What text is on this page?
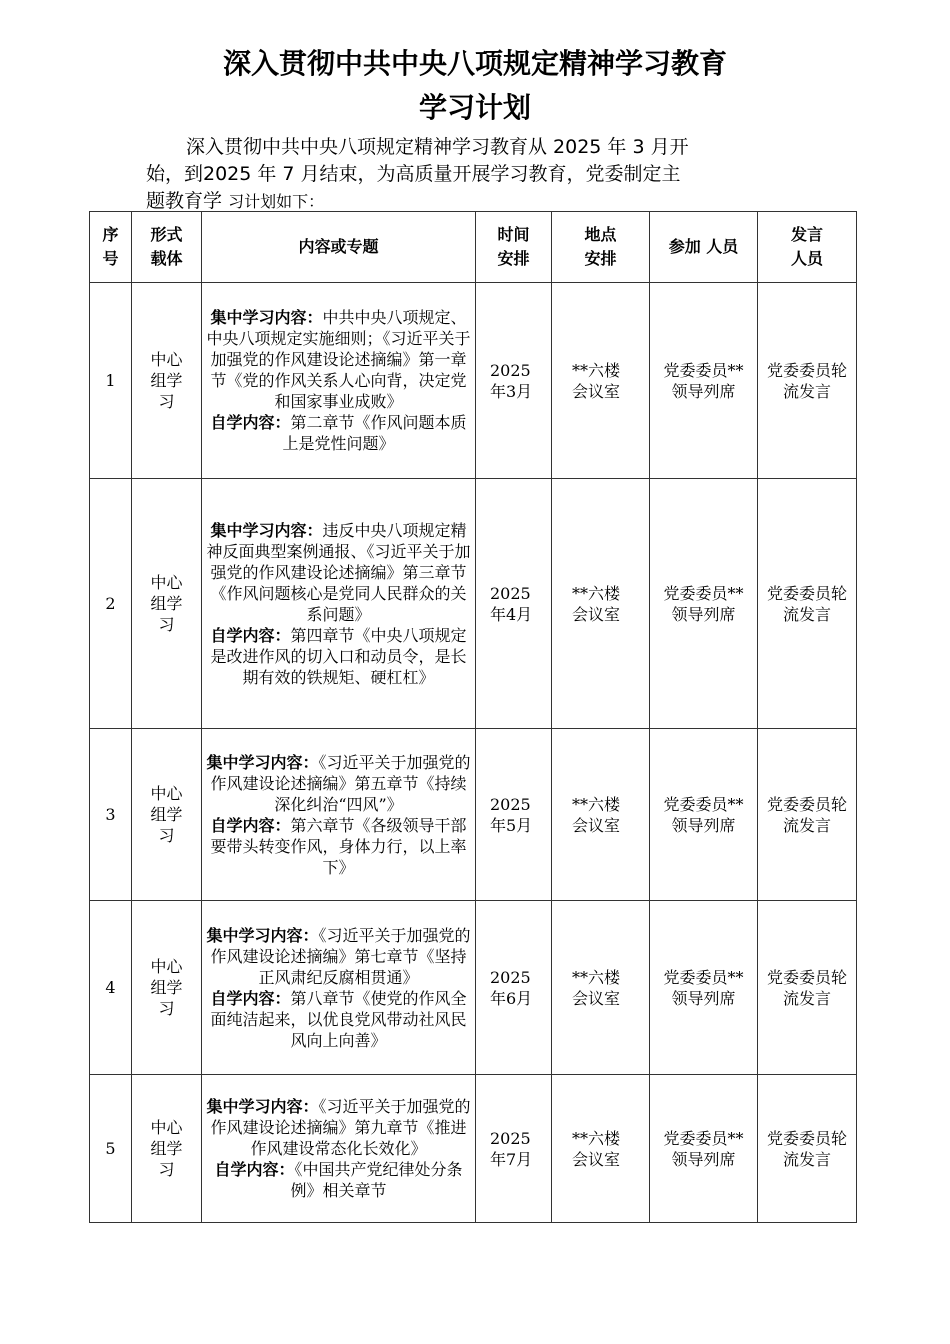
深入贯彻中共中央八项规定精神学习教育
学习计划
深入贯彻中共中央八项规定精神学习教育从 2025 年 3 月开
始，到2025 年 7 月结束，为高质量开展学习教育，党委制定主
题教育学 习计划如下：
序号	形式载体	内容或专题	时间安排	地点安排	参加 人员	发言人员

1	中心组学习	集中学习内容：中共中央八项规定、中央八项规定实施细则；《习近平关于加强党的作风建设论述摘编》第一章节《党的作风关系人心向背，决定党和国家事业成败》
自学内容：第二章节《作风问题本质上是党性问题》	2025年3月	**六楼 会议室	党委委员**领导列席	党委委员轮流发言

2	中心组学习	集中学习内容：违反中央八项规定精神反面典型案例通报、《习近平关于加强党的作风建设论述摘编》第三章节《作风问题核心是党同人民群众的关系问题》
自学内容：第四章节《中央八项规定是改进作风的切入口和动员令，是长期有效的铁规矩、硬杠杠》	2025年4月	**六楼 会议室	党委委员**领导列席	党委委员轮流发言

3	中心组学习	集中学习内容：《习近平关于加强党的作风建设论述摘编》第五章节《持续深化纠治“四风”》
自学内容：第六章节《各级领导干部要带头转变作风，身体力行，以上率下》	2025年5月	**六楼 会议室	党委委员**领导列席	党委委员轮流发言

4	中心组学习	集中学习内容：《习近平关于加强党的作风建设论述摘编》第七章节《坚持正风肃纪反腐相贯通》
自学内容：第八章节《使党的作风全面纯洁起来，以优良党风带动社风民风向上向善》	2025年6月	**六楼 会议室	党委委员**领导列席	党委委员轮流发言

5	中心组学习	集中学习内容：《习近平关于加强党的作风建设论述摘编》第九章节《推进作风建设常态化长效化》
自学内容：《中国共产党纪律处分条例》相关章节	2025年7月	**六楼 会议室	党委委员**领导列席	党委委员轮流发言
